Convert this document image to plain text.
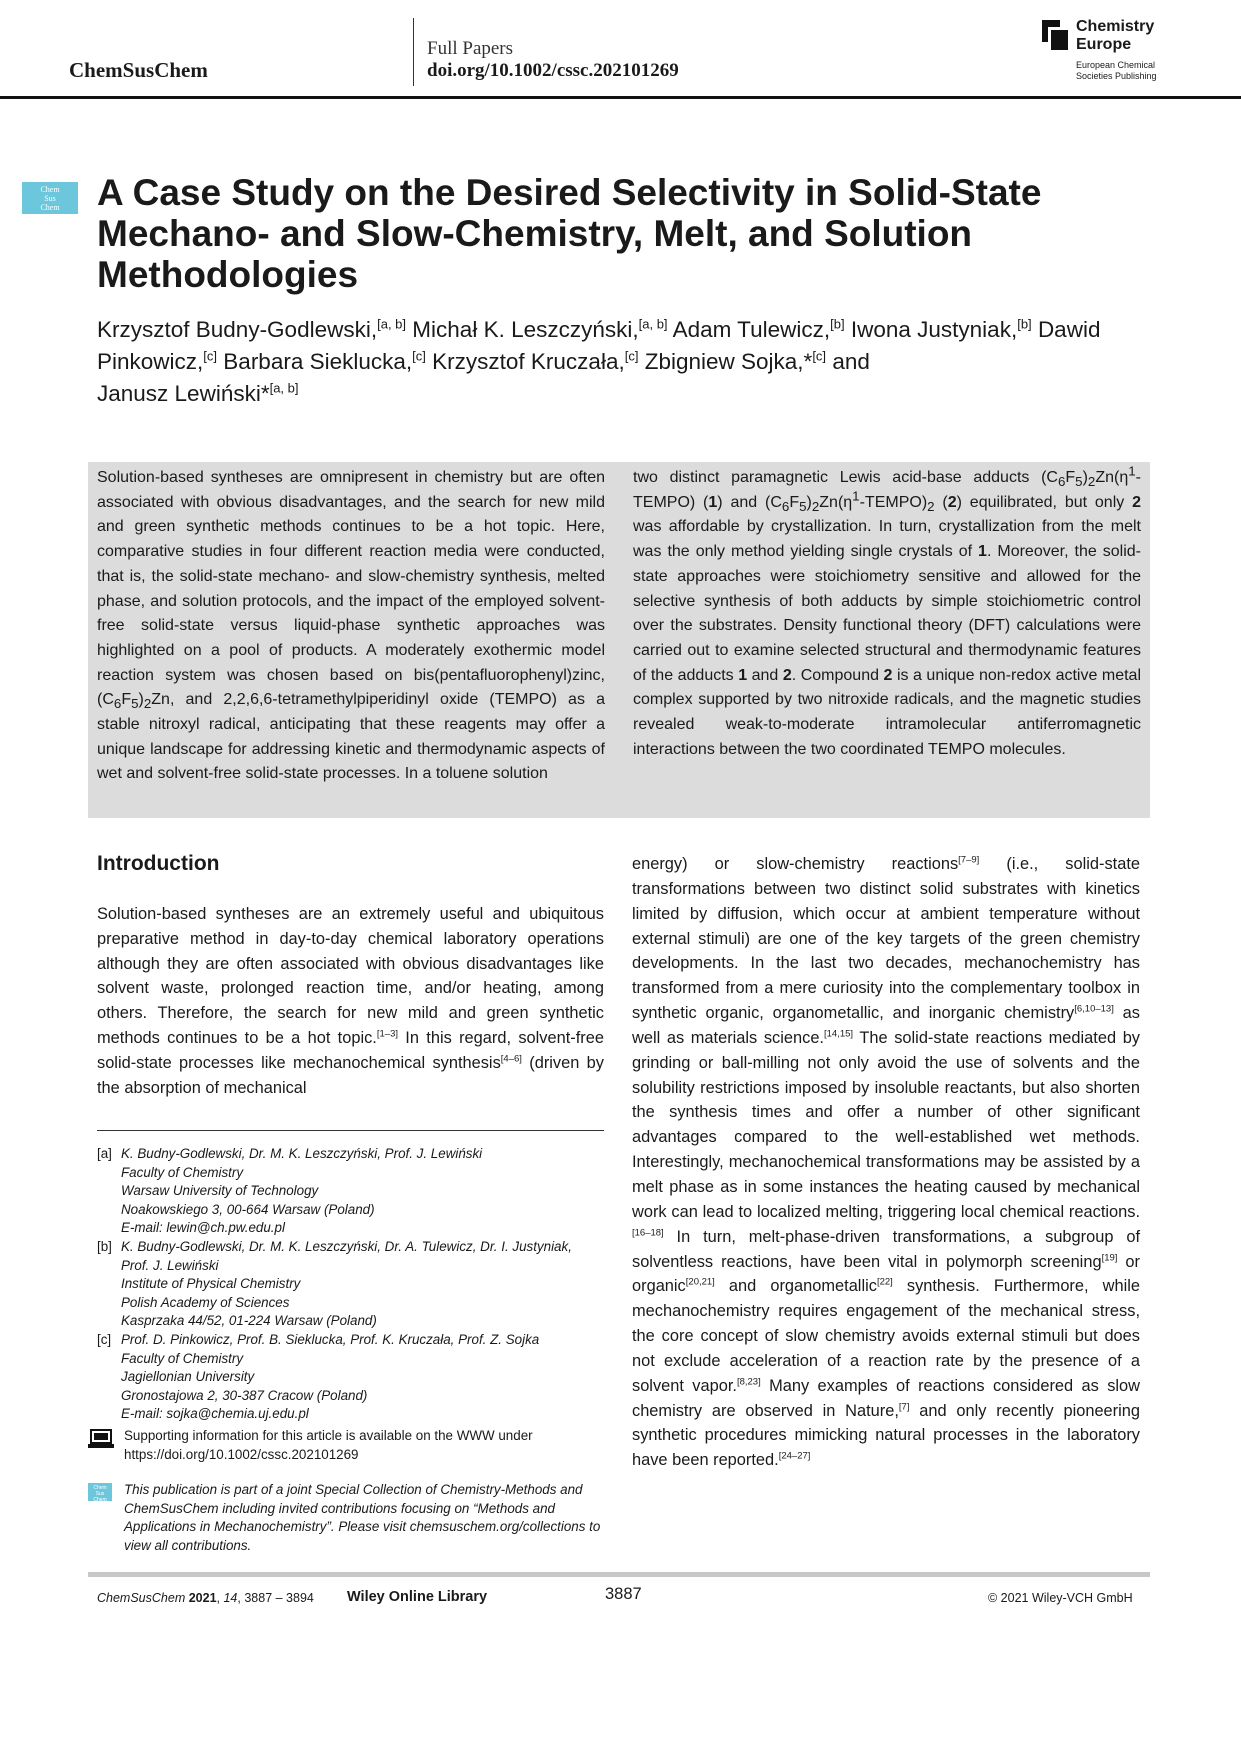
ChemSusChem
Full Papers
doi.org/10.1002/cssc.202101269
Chemistry
Europe
European Chemical
Societies Publishing
Chem
Sus
Chem	A Case Study on the Desired Selectivity in Solid-State Mechano- and Slow-Chemistry, Melt, and Solution Methodologies
Krzysztof Budny-Godlewski,[a, b] Michał K. Leszczyński,[a, b] Adam Tulewicz,[b] Iwona Justyniak,[b] Dawid Pinkowicz,[c] Barbara Sieklucka,[c] Krzysztof Kruczała,[c] Zbigniew Sojka,*[c] and
Janusz Lewiński*[a, b]
Solution-based syntheses are omnipresent in chemistry but are often associated with obvious disadvantages, and the search for new mild and green synthetic methods continues to be a hot topic. Here, comparative studies in four different reaction media were conducted, that is, the solid-state mechano- and slow-chemistry synthesis, melted phase, and solution protocols, and the impact of the employed solvent-free solid-state versus liquid-phase synthetic approaches was highlighted on a pool of products. A moderately exothermic model reaction system was chosen based on bis(pentafluorophenyl)zinc, $(C_6F_5)_2Zn$, and 2,2,6,6-tetramethylpiperidinyl oxide (TEMPO) as a stable nitroxyl radical, anticipating that these reagents may offer a unique landscape for addressing kinetic and thermodynamic aspects of wet and solvent-free solid-state processes. In a toluene solution
two distinct paramagnetic Lewis acid-base adducts $(C_6F_5)_2Zn(\eta^1-TEMPO)$ (1) and $(C_6F_5)_2Zn(\eta^1-TEMPO)_2$ (2) equilibrated, but only 2 was affordable by crystallization. In turn, crystallization from the melt was the only method yielding single crystals of 1. Moreover, the solid-state approaches were stoichiometry sensitive and allowed for the selective synthesis of both adducts by simple stoichiometric control over the substrates. Density functional theory (DFT) calculations were carried out to examine selected structural and thermodynamic features of the adducts 1 and 2. Compound 2 is a unique non-redox active metal complex supported by two nitroxide radicals, and the magnetic studies revealed weak-to-moderate intramolecular antiferromagnetic interactions between the two coordinated TEMPO molecules.
Introduction
Solution-based syntheses are an extremely useful and ubiquitous preparative method in day-to-day chemical laboratory operations although they are often associated with obvious disadvantages like solvent waste, prolonged reaction time, and/or heating, among others. Therefore, the search for new mild and green synthetic methods continues to be a hot topic.[1–3] In this regard, solvent-free solid-state processes like mechanochemical synthesis[4–6] (driven by the absorption of mechanical
energy) or slow-chemistry reactions[7–9] (i.e., solid-state transformations between two distinct solid substrates with kinetics limited by diffusion, which occur at ambient temperature without external stimuli) are one of the key targets of the green chemistry developments. In the last two decades, mechanochemistry has transformed from a mere curiosity into the complementary toolbox in synthetic organic, organometallic, and inorganic chemistry[6,10–13] as well as materials science.[14,15] The solid-state reactions mediated by grinding or ball-milling not only avoid the use of solvents and the solubility restrictions imposed by insoluble reactants, but also shorten the synthesis times and offer a number of other significant advantages compared to the well-established wet methods. Interestingly, mechanochemical transformations may be assisted by a melt phase as in some instances the heating caused by mechanical work can lead to localized melting, triggering local chemical reactions.[16–18] In turn, melt-phase-driven transformations, a subgroup of solventless reactions, have been vital in polymorph screening[19] or organic[20,21] and organometallic[22] synthesis. Furthermore, while mechanochemistry requires engagement of the mechanical stress, the core concept of slow chemistry avoids external stimuli but does not exclude acceleration of a reaction rate by the presence of a solvent vapor.[8,23] Many examples of reactions considered as slow chemistry are observed in Nature,[7] and only recently pioneering synthetic procedures mimicking natural processes in the laboratory have been reported.[24–27]
[a] K. Budny-Godlewski, Dr. M. K. Leszczyński, Prof. J. Lewiński
Faculty of Chemistry
Warsaw University of Technology
Noakowskiego 3, 00-664 Warsaw (Poland)
E-mail: lewin@ch.pw.edu.pl
[b] K. Budny-Godlewski, Dr. M. K. Leszczyński, Dr. A. Tulewicz, Dr. I. Justyniak,
Prof. J. Lewiński
Institute of Physical Chemistry
Polish Academy of Sciences
Kasprzaka 44/52, 01-224 Warsaw (Poland)
[c] Prof. D. Pinkowicz, Prof. B. Sieklucka, Prof. K. Kruczała, Prof. Z. Sojka
Faculty of Chemistry
Jagiellonian University
Gronostajowa 2, 30-387 Cracow (Poland)
E-mail: sojka@chemia.uj.edu.pl
Supporting information for this article is available on the WWW under https://doi.org/10.1002/cssc.202101269
Chem
Sus
Chem
This publication is part of a joint Special Collection of Chemistry-Methods and ChemSusChem including invited contributions focusing on “Methods and Applications in Mechanochemistry”. Please visit chemsuschem.org/collections to view all contributions.
ChemSusChem 2021, 14, 3887 – 3894 Wiley Online Library	3887	© 2021 Wiley-VCH GmbH
